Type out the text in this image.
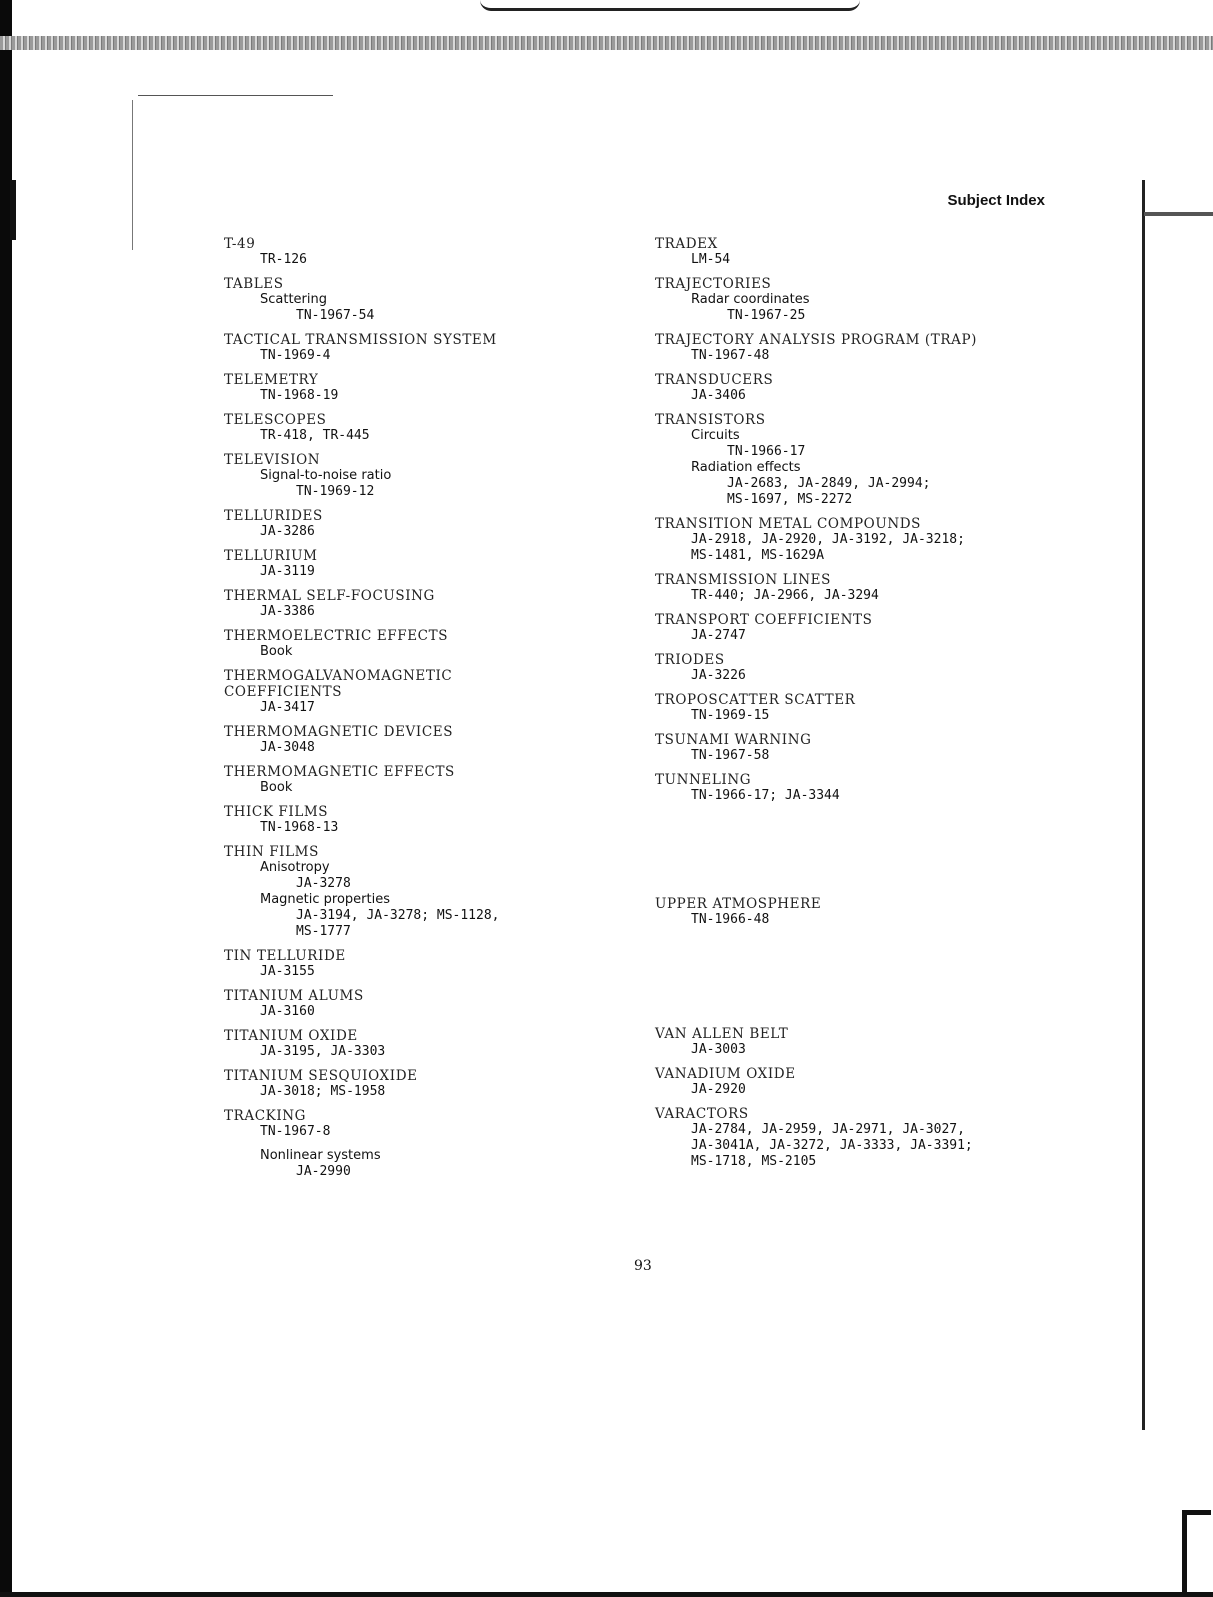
Subject Index
T-49
TR-126
TABLES
Scattering
TN-1967-54
TACTICAL TRANSMISSION SYSTEM
TN-1969-4
TELEMETRY
TN-1968-19
TELESCOPES
TR-418, TR-445
TELEVISION
Signal-to-noise ratio
TN-1969-12
TELLURIDES
JA-3286
TELLURIUM
JA-3119
THERMAL SELF-FOCUSING
JA-3386
THERMOELECTRIC EFFECTS
Book
THERMOGALVANOMAGNETIC
COEFFICIENTS
JA-3417
THERMOMAGNETIC DEVICES
JA-3048
THERMOMAGNETIC EFFECTS
Book
THICK FILMS
TN-1968-13
THIN FILMS
Anisotropy
JA-3278
Magnetic properties
JA-3194, JA-3278; MS-1128,
MS-1777
TIN TELLURIDE
JA-3155
TITANIUM ALUMS
JA-3160
TITANIUM OXIDE
JA-3195, JA-3303
TITANIUM SESQUIOXIDE
JA-3018; MS-1958
TRACKING
TN-1967-8
Nonlinear systems
JA-2990
TRADEX
LM-54
TRAJECTORIES
Radar coordinates
TN-1967-25
TRAJECTORY ANALYSIS PROGRAM (TRAP)
TN-1967-48
TRANSDUCERS
JA-3406
TRANSISTORS
Circuits
TN-1966-17
Radiation effects
JA-2683, JA-2849, JA-2994;
MS-1697, MS-2272
TRANSITION METAL COMPOUNDS
JA-2918, JA-2920, JA-3192, JA-3218;
MS-1481, MS-1629A
TRANSMISSION LINES
TR-440; JA-2966, JA-3294
TRANSPORT COEFFICIENTS
JA-2747
TRIODES
JA-3226
TROPOSCATTER SCATTER
TN-1969-15
TSUNAMI WARNING
TN-1967-58
TUNNELING
TN-1966-17; JA-3344
UPPER ATMOSPHERE
TN-1966-48
VAN ALLEN BELT
JA-3003
VANADIUM OXIDE
JA-2920
VARACTORS
JA-2784, JA-2959, JA-2971, JA-3027,
JA-3041A, JA-3272, JA-3333, JA-3391;
MS-1718, MS-2105
93
